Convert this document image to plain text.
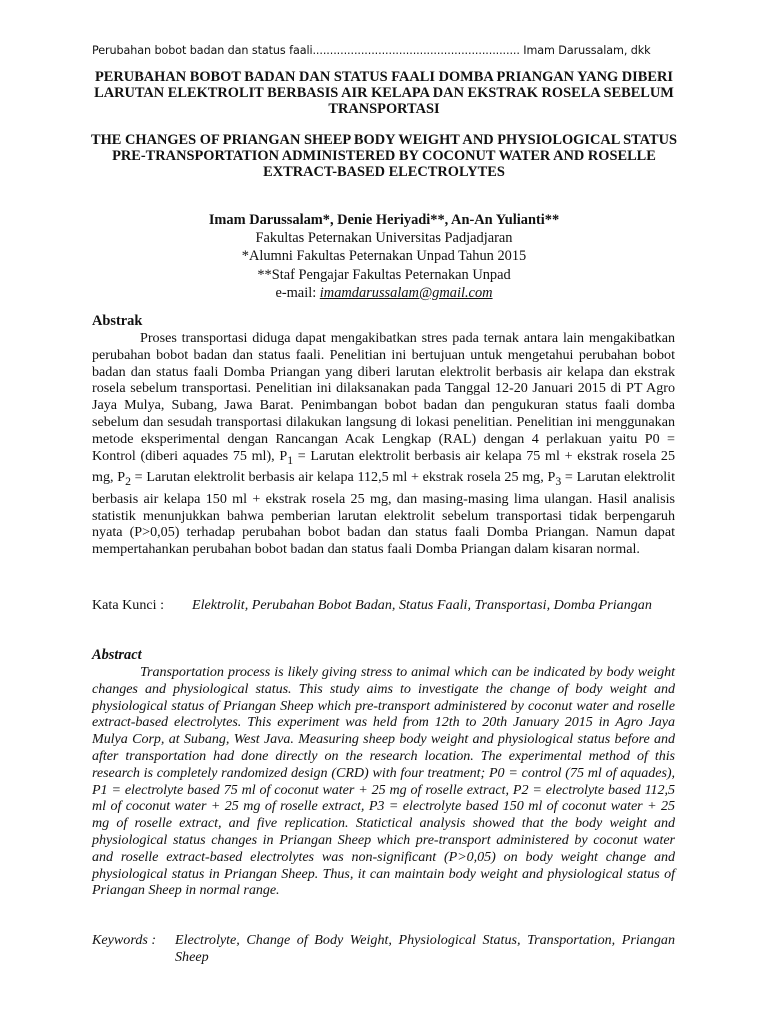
Perubahan bobot badan dan status faali............................................................ Imam Darussalam, dkk
PERUBAHAN BOBOT BADAN DAN STATUS FAALI DOMBA PRIANGAN YANG DIBERI LARUTAN ELEKTROLIT BERBASIS AIR KELAPA DAN EKSTRAK ROSELA SEBELUM TRANSPORTASI
THE CHANGES OF PRIANGAN SHEEP BODY WEIGHT AND PHYSIOLOGICAL STATUS PRE-TRANSPORTATION ADMINISTERED BY COCONUT WATER AND ROSELLE EXTRACT-BASED ELECTROLYTES
Imam Darussalam*, Denie Heriyadi**, An-An Yulianti**
Fakultas Peternakan Universitas Padjadjaran
*Alumni Fakultas Peternakan Unpad Tahun 2015
**Staf Pengajar Fakultas Peternakan Unpad
e-mail: imamdarussalam@gmail.com
Abstrak

Proses transportasi diduga dapat mengakibatkan stres pada ternak antara lain mengakibatkan perubahan bobot badan dan status faali. Penelitian ini bertujuan untuk mengetahui perubahan bobot badan dan status faali Domba Priangan yang diberi larutan elektrolit berbasis air kelapa dan ekstrak rosela sebelum transportasi. Penelitian ini dilaksanakan pada Tanggal 12-20 Januari 2015 di PT Agro Jaya Mulya, Subang, Jawa Barat. Penimbangan bobot badan dan pengukuran status faali domba sebelum dan sesudah transportasi dilakukan langsung di lokasi penelitian. Penelitian ini menggunakan metode eksperimental dengan Rancangan Acak Lengkap (RAL) dengan 4 perlakuan yaitu P0 = Kontrol (diberi aquades 75 ml), $P_1$ = Larutan elektrolit berbasis air kelapa 75 ml + ekstrak rosela 25 mg, $P_2$ = Larutan elektrolit berbasis air kelapa 112,5 ml + ekstrak rosela 25 mg, $P_3$ = Larutan elektrolit berbasis air kelapa 150 ml + ekstrak rosela 25 mg, dan masing-masing lima ulangan. Hasil analisis statistik menunjukkan bahwa pemberian larutan elektrolit sebelum transportasi tidak berpengaruh nyata (P>0,05) terhadap perubahan bobot badan dan status faali Domba Priangan. Namun dapat mempertahankan perubahan bobot badan dan status faali Domba Priangan dalam kisaran normal.

Kata Kunci :	Elektrolit, Perubahan Bobot Badan, Status Faali, Transportasi, Domba Priangan
Abstract

Transportation process is likely giving stress to animal which can be indicated by body weight changes and physiological status. This study aims to investigate the change of body weight and physiological status of Priangan Sheep which pre-transport administered by coconut water and roselle extract-based electrolytes. This experiment was held from 12th to 20th January 2015 in Agro Jaya Mulya Corp, at Subang, West Java. Measuring sheep body weight and physiological status before and after transportation had done directly on the research location. The experimental method of this research is completely randomized design (CRD) with four treatment; P0 = control (75 ml of aquades), P1 = electrolyte based 75 ml of coconut water + 25 mg of roselle extract, P2 = electrolyte based 112,5 ml of coconut water + 25 mg of roselle extract, P3 = electrolyte based 150 ml of coconut water + 25 mg of roselle extract, and five replication. Statictical analysis showed that the body weight and physiological status changes in Priangan Sheep which pre-transport administered by coconut water and roselle extract-based electrolytes was non-significant (P>0,05) on body weight change and physiological status in Priangan Sheep. Thus, it can maintain body weight and physiological status of Priangan Sheep in normal range.

Keywords :	Electrolyte, Change of Body Weight, Physiological Status, Transportation, Priangan Sheep
